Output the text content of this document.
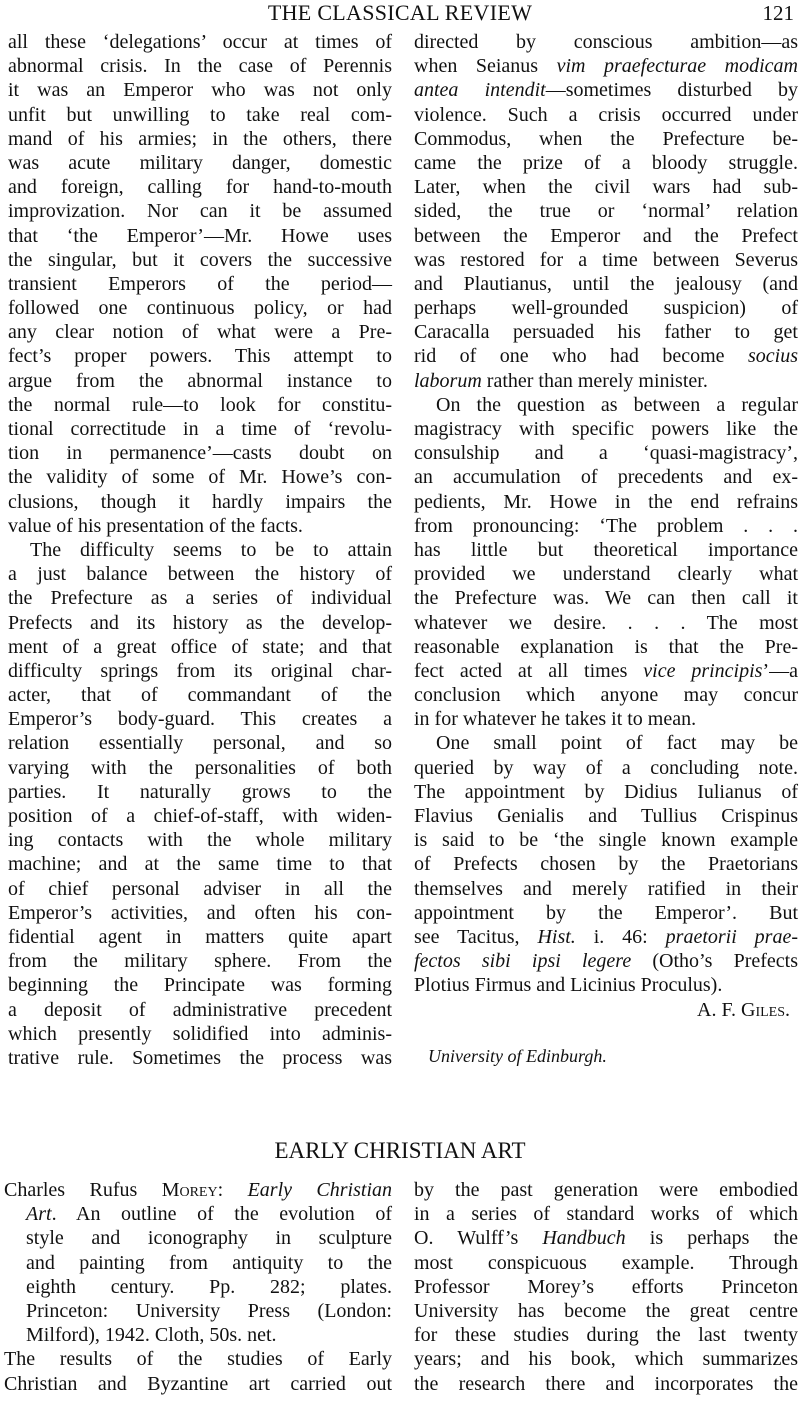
THE CLASSICAL REVIEW	121
all these ‘delegations’ occur at times of
abnormal crisis. In the case of Perennis
it was an Emperor who was not only
unfit but unwilling to take real com-
mand of his armies; in the others, there
was acute military danger, domestic
and foreign, calling for hand-to-mouth
improvization. Nor can it be assumed
that ‘the Emperor’—Mr. Howe uses
the singular, but it covers the successive
transient Emperors of the period—
followed one continuous policy, or had
any clear notion of what were a Pre-
fect’s proper powers. This attempt to
argue from the abnormal instance to
the normal rule—to look for constitu-
tional correctitude in a time of ‘revolu-
tion in permanence’—casts doubt on
the validity of some of Mr. Howe’s con-
clusions, though it hardly impairs the
value of his presentation of the facts.
The difficulty seems to be to attain
a just balance between the history of
the Prefecture as a series of individual
Prefects and its history as the develop-
ment of a great office of state; and that
difficulty springs from its original char-
acter, that of commandant of the
Emperor’s body-guard. This creates a
relation essentially personal, and so
varying with the personalities of both
parties. It naturally grows to the
position of a chief-of-staff, with widen-
ing contacts with the whole military
machine; and at the same time to that
of chief personal adviser in all the
Emperor’s activities, and often his con-
fidential agent in matters quite apart
from the military sphere. From the
beginning the Principate was forming
a deposit of administrative precedent
which presently solidified into adminis-
trative rule. Sometimes the process was
directed by conscious ambition—as
when Seianus vim praefecturae modicam
antea intendit—sometimes disturbed by
violence. Such a crisis occurred under
Commodus, when the Prefecture be-
came the prize of a bloody struggle.
Later, when the civil wars had sub-
sided, the true or ‘normal’ relation
between the Emperor and the Prefect
was restored for a time between Severus
and Plautianus, until the jealousy (and
perhaps well-grounded suspicion) of
Caracalla persuaded his father to get
rid of one who had become socius
laborum rather than merely minister.
On the question as between a regular
magistracy with specific powers like the
consulship and a ‘quasi-magistracy’,
an accumulation of precedents and ex-
pedients, Mr. Howe in the end refrains
from pronouncing: ‘The problem . . .
has little but theoretical importance
provided we understand clearly what
the Prefecture was. We can then call it
whatever we desire. . . . The most
reasonable explanation is that the Pre-
fect acted at all times vice principis’—a
conclusion which anyone may concur
in for whatever he takes it to mean.
One small point of fact may be
queried by way of a concluding note.
The appointment by Didius Iulianus of
Flavius Genialis and Tullius Crispinus
is said to be ‘the single known example
of Prefects chosen by the Praetorians
themselves and merely ratified in their
appointment by the Emperor’. But
see Tacitus, Hist. i. 46: praetorii prae-
fectos sibi ipsi legere (Otho’s Prefects
Plotius Firmus and Licinius Proculus).
A. F. Giles.
University of Edinburgh.
EARLY CHRISTIAN ART
Charles Rufus Morey: Early Christian
Art. An outline of the evolution of
style and iconography in sculpture
and painting from antiquity to the
eighth century. Pp. 282; plates.
Princeton: University Press (London:
Milford), 1942. Cloth, 50s. net.
The results of the studies of Early
Christian and Byzantine art carried out
by the past generation were embodied
in a series of standard works of which
O. Wulff’s Handbuch is perhaps the
most conspicuous example. Through
Professor Morey’s efforts Princeton
University has become the great centre
for these studies during the last twenty
years; and his book, which summarizes
the research there and incorporates the
